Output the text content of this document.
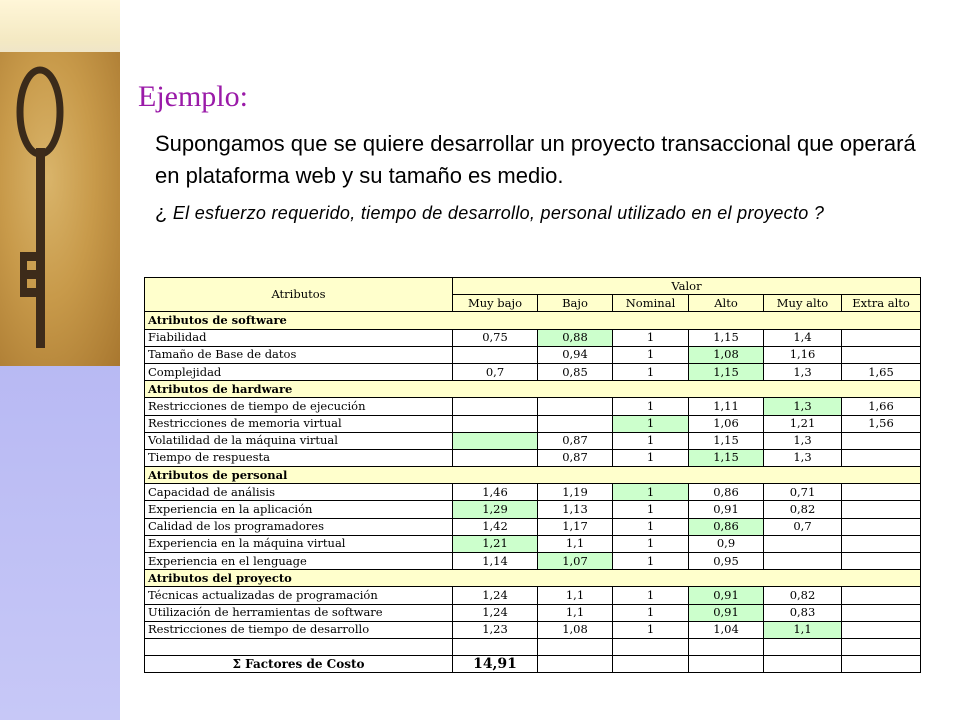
Ejemplo:

Supongamos que se quiere desarrollar un proyecto transaccional que operará en plataforma web y su tamaño es medio.

¿ El esfuerzo requerido, tiempo de desarrollo, personal utilizado en el proyecto ?

Atributos	Valor					
	Muy bajo	Bajo	Nominal	Alto	Muy alto	Extra alto
Atributos de software						
Fiabilidad	0,75	0,88	1	1,15	1,4	
Tamaño de Base de datos		0,94	1	1,08	1,16	
Complejidad	0,7	0,85	1	1,15	1,3	1,65
Atributos de hardware						
Restricciones de tiempo de ejecución			1	1,11	1,3	1,66
Restricciones de memoria virtual			1	1,06	1,21	1,56
Volatilidad de la máquina virtual		0,87	1	1,15	1,3	
Tiempo de respuesta		0,87	1	1,15	1,3	
Atributos de personal						
Capacidad de análisis	1,46	1,19	1	0,86	0,71	
Experiencia en la aplicación	1,29	1,13	1	0,91	0,82	
Calidad de los programadores	1,42	1,17	1	0,86	0,7	
Experiencia en la máquina virtual	1,21	1,1	1	0,9		
Experiencia en el lenguage	1,14	1,07	1	0,95		
Atributos del proyecto						
Técnicas actualizadas de programación	1,24	1,1	1	0,91	0,82	
Utilización de herramientas de software	1,24	1,1	1	0,91	0,83	
Restricciones de tiempo de desarrollo	1,23	1,08	1	1,04	1,1	

Σ Factores de Costo	14,91					
